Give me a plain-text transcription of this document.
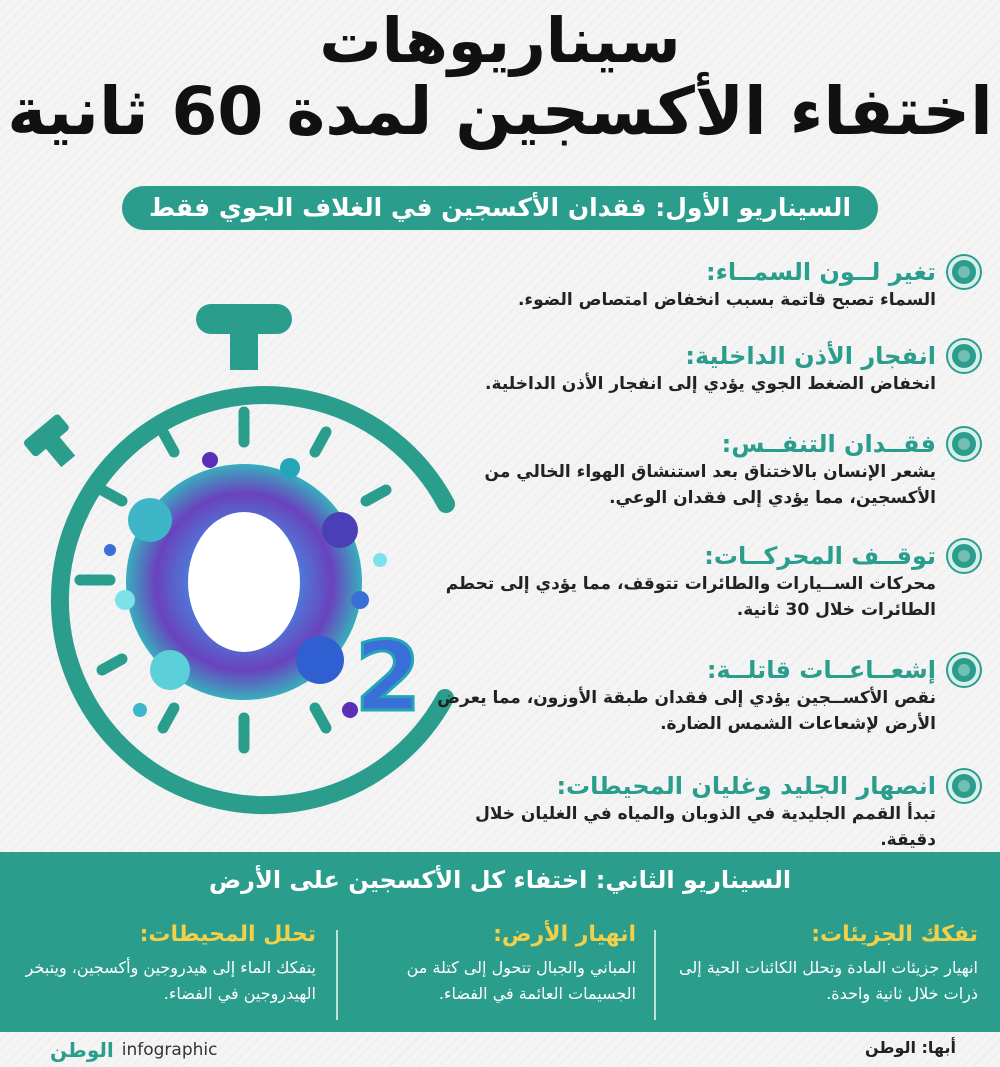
سيناريوهات
اختفاء الأكسجين لمدة 60 ثانية
السيناريو الأول: فقدان الأكسجين في الغلاف الجوي فقط
2
تغير لــون السمــاء:

السماء تصبح قاتمة بسبب انخفاض امتصاص الضوء.

انفجار الأذن الداخلية:

انخفاض الضغط الجوي يؤدي إلى انفجار الأذن الداخلية.

فقــدان التنفــس:

يشعر الإنسان بالاختناق بعد استنشاق الهواء الخالي من الأكسجين، مما يؤدي إلى فقدان الوعي.

توقــف المحركــات:

محركات الســيارات والطائرات تتوقف، مما يؤدي إلى تحطم الطائرات خلال 30 ثانية.

إشعــاعــات قاتلــة:

نقص الأكســجين يؤدي إلى فقدان طبقة الأوزون، مما يعرض الأرض لإشعاعات الشمس الضارة.

انصهار الجليد وغليان المحيطات:

تبدأ القمم الجليدية في الذوبان والمياه في الغليان خلال دقيقة.

السيناريو الثاني: اختفاء كل الأكسجين على الأرض
تفكك الجزيئات:

انهيار جزيئات المادة وتحلل الكائنات الحية إلى ذرات خلال ثانية واحدة.

انهيار الأرض:

المباني والجبال تتحول إلى كتلة من الجسيمات العائمة في الفضاء.

تحلل المحيطات:

يتفكك الماء إلى هيدروجين وأكسجين، ويتبخر الهيدروجين في الفضاء.

أبها: الوطن
الوطن infographic
